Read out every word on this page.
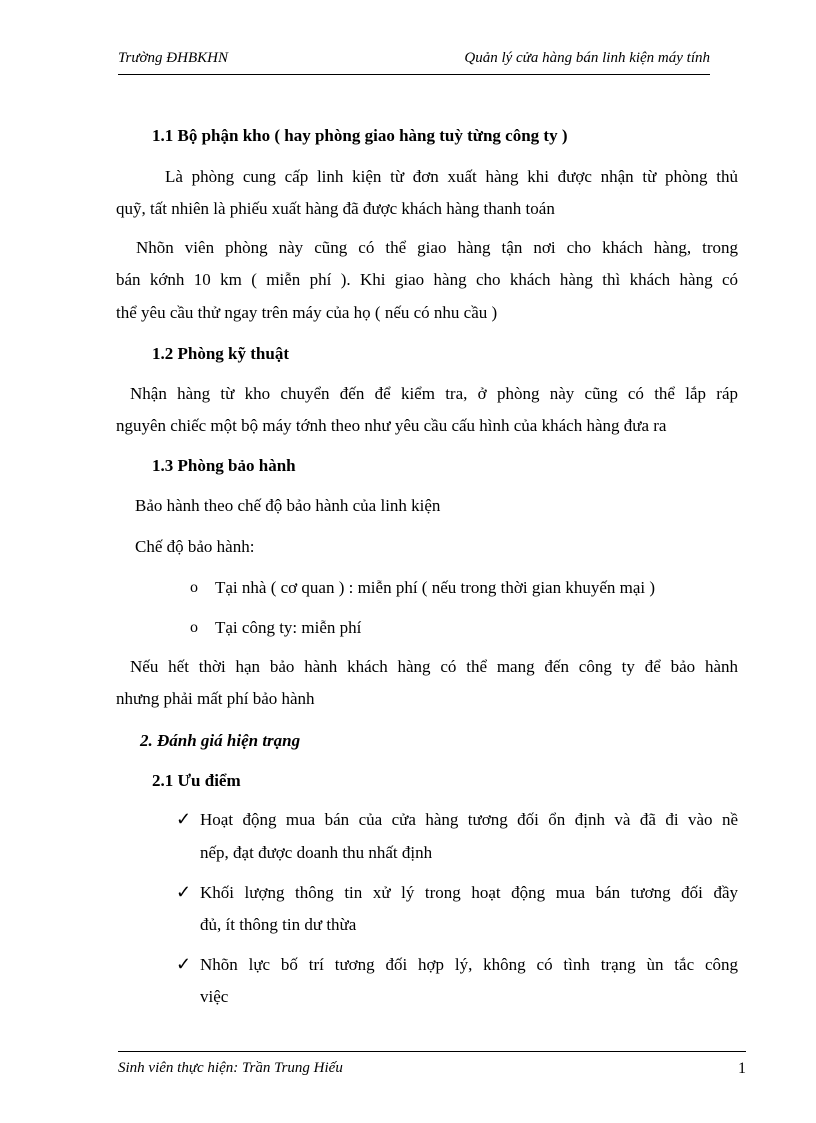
Trường ĐHBKHN	Quản lý cửa hàng bán linh kiện máy tính
1.1 Bộ phận kho ( hay phòng giao hàng tuỳ từng công ty )
Là phòng cung cấp linh kiện từ đơn xuất hàng khi được nhận từ phòng thủ
quỹ, tất nhiên là phiếu xuất hàng đã được khách hàng thanh toán
Nhõn viên phòng này cũng có thể giao hàng tận nơi cho khách hàng, trong
bán kớnh 10 km ( miễn phí ). Khi giao hàng cho khách hàng thì khách hàng có
thể yêu cầu thử ngay trên máy của họ ( nếu có nhu cầu )
1.2 Phòng kỹ thuật
Nhận hàng từ kho chuyển đến để kiểm tra, ở phòng này cũng có thể lắp ráp
nguyên chiếc một bộ máy tớnh theo như yêu cầu cấu hình của khách hàng đưa ra
1.3 Phòng bảo hành
Bảo hành theo chế độ bảo hành của linh kiện
Chế độ bảo hành:
o Tại nhà ( cơ quan ) : miễn phí ( nếu trong thời gian khuyến mại )
o Tại công ty: miễn phí
Nếu hết thời hạn bảo hành khách hàng có thể mang đến công ty để bảo hành
nhưng phải mất phí bảo hành
2. Đánh giá hiện trạng
2.1 Ưu điểm
✓ Hoạt động mua bán của cửa hàng tương đối ổn định và đã đi vào nề
nếp, đạt được doanh thu nhất định
✓ Khối lượng thông tin xử lý trong hoạt động mua bán tương đối đầy
đủ, ít thông tin dư thừa
✓ Nhõn lực bố trí tương đối hợp lý, không có tình trạng ùn tắc công
việc
Sinh viên thực hiện: Trần Trung Hiếu	1
